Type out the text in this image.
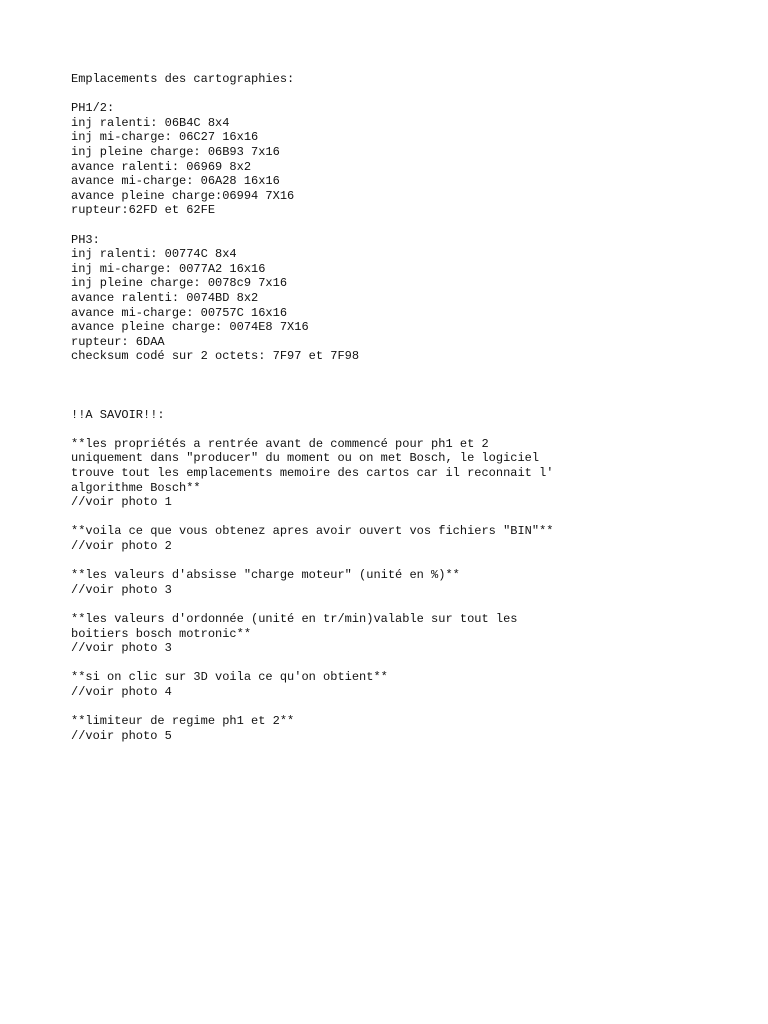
Emplacements des cartographies:
PH1/2:
inj ralenti: 06B4C 8x4
inj mi-charge: 06C27 16x16
inj pleine charge: 06B93 7x16
avance ralenti: 06969 8x2
avance mi-charge: 06A28 16x16
avance pleine charge:06994 7X16
rupteur:62FD et 62FE
PH3:
inj ralenti: 00774C 8x4
inj mi-charge: 0077A2 16x16
inj pleine charge: 0078c9 7x16
avance ralenti: 0074BD 8x2
avance mi-charge: 00757C 16x16
avance pleine charge: 0074E8 7X16
rupteur: 6DAA
checksum codé sur 2 octets: 7F97 et 7F98
!!A SAVOIR!!:
**les propriétés a rentrée avant de commencé pour ph1 et 2
uniquement dans "producer" du moment ou on met Bosch, le logiciel
trouve tout les emplacements memoire des cartos car il reconnait l'
algorithme Bosch**
//voir photo 1
**voila ce que vous obtenez apres avoir ouvert vos fichiers "BIN"**
//voir photo 2
**les valeurs d'absisse "charge moteur" (unité en %)**
//voir photo 3
**les valeurs d'ordonnée (unité en tr/min)valable sur tout les
boitiers bosch motronic**
//voir photo 3
**si on clic sur 3D voila ce qu'on obtient**
//voir photo 4
**limiteur de regime ph1 et 2**
//voir photo 5
